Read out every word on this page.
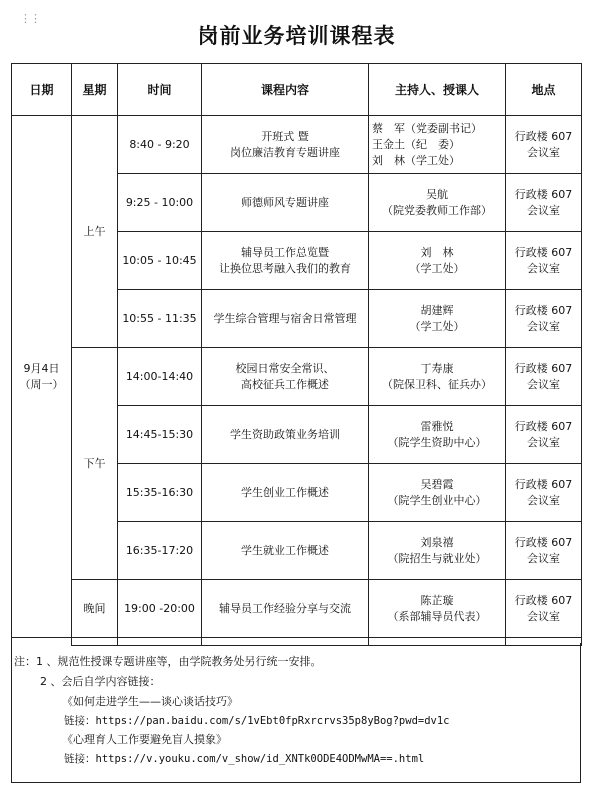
⋮⋮
岗前业务培训课程表
日期	星期	时间	课程内容	主持人、授课人	地点
9月4日
（周一）	上午	8:40 - 9:20	开班式 暨
岗位廉洁教育专题讲座	蔡　军（党委副书记）
王金土（纪　委）
刘　林（学工处）	行政楼 607
会议室
		9:25 - 10:00	师德师风专题讲座	吴航
（院党委教师工作部）	行政楼 607
会议室
		10:05 - 10:45	辅导员工作总览暨
让换位思考融入我们的教育	刘　林
（学工处）	行政楼 607
会议室
		10:55 - 11:35	学生综合管理与宿舍日常管理	胡建辉
（学工处）	行政楼 607
会议室
	下午	14:00-14:40	校园日常安全常识、
高校征兵工作概述	丁寿康
（院保卫科、征兵办）	行政楼 607
会议室
		14:45-15:30	学生资助政策业务培训	雷雅悦
（院学生资助中心）	行政楼 607
会议室
		15:35-16:30	学生创业工作概述	吴碧霞
（院学生创业中心）	行政楼 607
会议室
		16:35-17:20	学生就业工作概述	刘泉禧
（院招生与就业处）	行政楼 607
会议室
	晚间	19:00 -20:00	辅导员工作经验分享与交流	陈芷璇
（系部辅导员代表）	行政楼 607
会议室

注：1 、规范性授课专题讲座等，由学院教务处另行统一安排。
2 、会后自学内容链接：
《如何走进学生——谈心谈话技巧》
链接：https://pan.baidu.com/s/1vEbt0fpRxrcrvs35p8yBog?pwd=dv1c
《心理育人工作要避免盲人摸象》
链接：https://v.youku.com/v_show/id_XNTk0ODE4ODMwMA==.html
